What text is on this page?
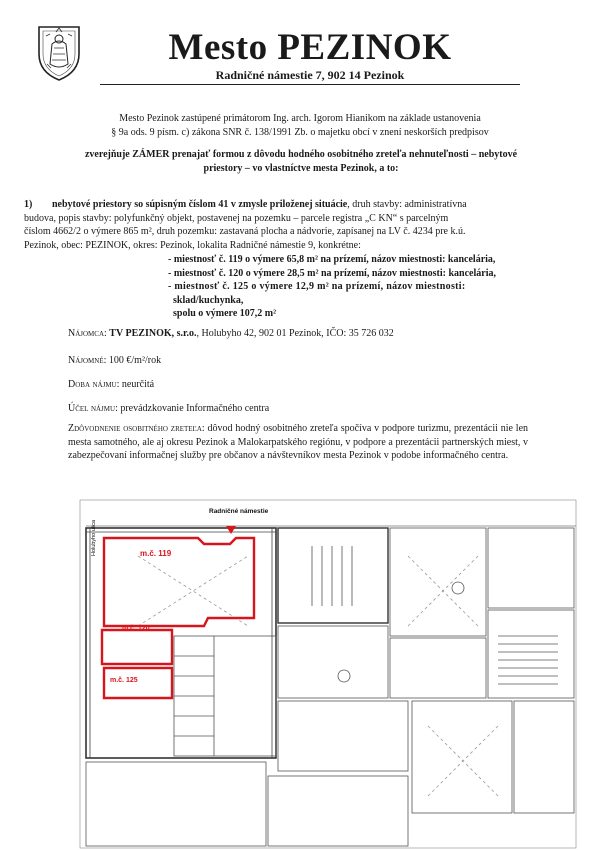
Mesto PEZINOK
Radničné námestie 7, 902 14 Pezinok
Mesto Pezinok zastúpené primátorom Ing. arch. Igorom Hianikom na základe ustanovenia
§ 9a ods. 9 písm. c) zákona SNR č. 138/1991 Zb. o majetku obcí v znení neskorších predpisov
zverejňuje ZÁMER prenajať formou z dôvodu hodného osobitného zreteľa nehnuteľnosti – nebytové
priestory – vo vlastníctve mesta Pezinok, a to:
1) nebytové priestory so súpisným číslom 41 v zmysle priloženej situácie, druh stavby: administratívna
budova, popis stavby: polyfunkčný objekt, postavenej na pozemku – parcele registra „C KN“ s parcelným
číslom 4662/2 o výmere 865 m², druh pozemku: zastavaná plocha a nádvorie, zapísanej na LV č. 4234 pre k.ú.
Pezinok, obec: PEZINOK, okres: Pezinok, lokalita Radničné námestie 9, konkrétne:
- miestnosť č. 119 o výmere 65,8 m² na prízemí, názov miestnosti: kancelária,
- miestnosť č. 120 o výmere 28,5 m² na prízemí, názov miestnosti: kancelária,
- miestnosť č. 125 o výmere 12,9 m² na prízemí, názov miestnosti:
sklad/kuchynka,
spolu o výmere 107,2 m²
Nájomca: TV PEZINOK, s.r.o., Holubyho 42, 902 01 Pezinok, IČO: 35 726 032
Nájomné: 100 €/m²/rok
Doba nájmu: neurčitá
Účel nájmu: prevádzkovanie Informačného centra
Zdôvodnenie osobitného zreteľa: dôvod hodný osobitného zreteľa spočíva v podpore turizmu, prezentácii nie len mesta samotného, ale aj okresu Pezinok a Malokarpatského regiónu, v podpore a prezentácii partnerských miest, v zabezpečovaní informačnej služby pre občanov a návštevníkov mesta Pezinok v podobe informačného centra.
Radničné námestie
Holubyho ulica	m.č. 119
m.č. 120
m.č. 125
